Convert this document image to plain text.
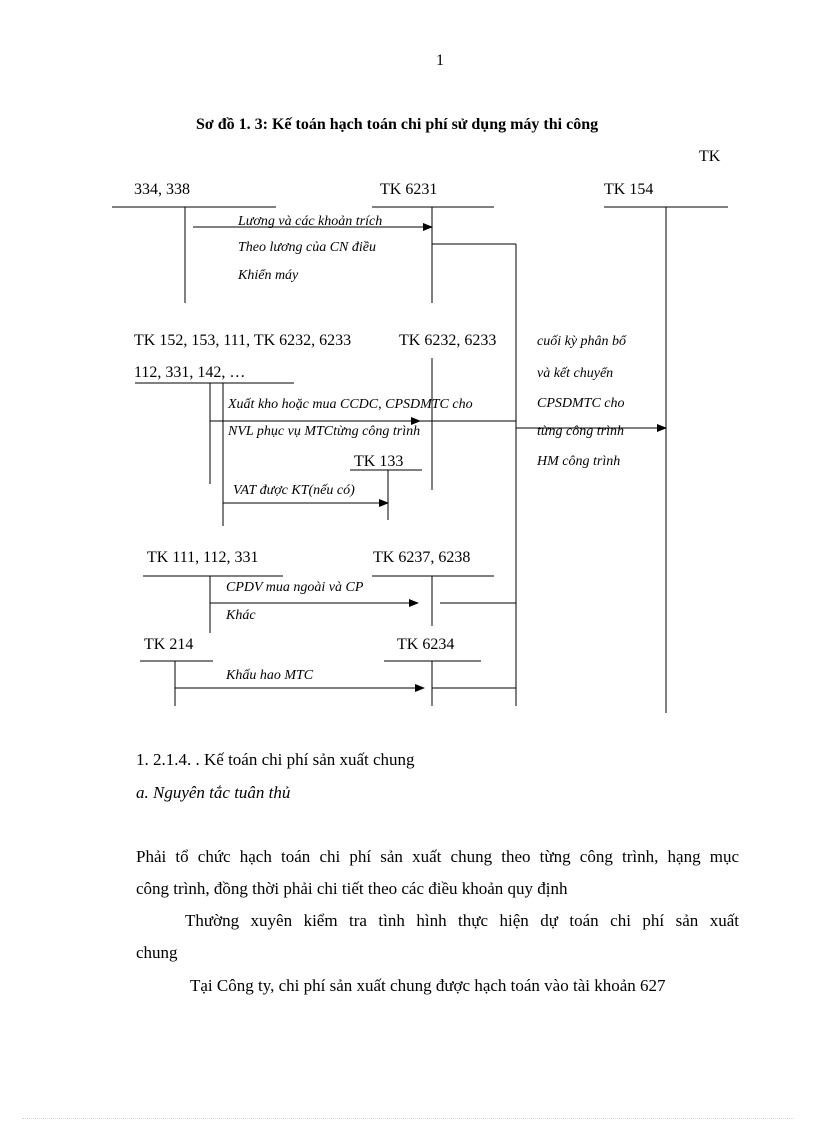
1
Sơ đồ 1. 3: Kế toán hạch toán chi phí sử dụng máy thi công
TK
334, 338	TK 6231	TK 154
TK 152, 153, 111, TK 6232, 6233	TK 6232, 6233
112, 331, 142, …
TK 133
TK 111, 112, 331	TK 6237, 6238
TK 214	TK 6234
Lương và các khoản trích
Theo lương của CN điều
Khiển máy
Xuất kho hoặc mua CCDC, CPSDMTC cho
NVL phục vụ MTCtừng công trình
VAT được KT(nếu có)
CPDV mua ngoài và CP
Khác
Khấu hao MTC
cuối kỳ phân bổ
và kết chuyển
CPSDMTC cho
từng công trình
HM công trình
1. 2.1.4. . Kế toán chi phí sản xuất chung
a. Nguyên tắc tuân thủ
Phải tổ chức hạch toán chi phí sản xuất chung theo từng công trình, hạng mục
công trình, đồng thời phải chi tiết theo các điều khoản quy định
Thường xuyên kiểm tra tình hình thực hiện dự toán chi phí sản xuất
chung
Tại Công ty, chi phí sản xuất chung được hạch toán vào tài khoản 627
